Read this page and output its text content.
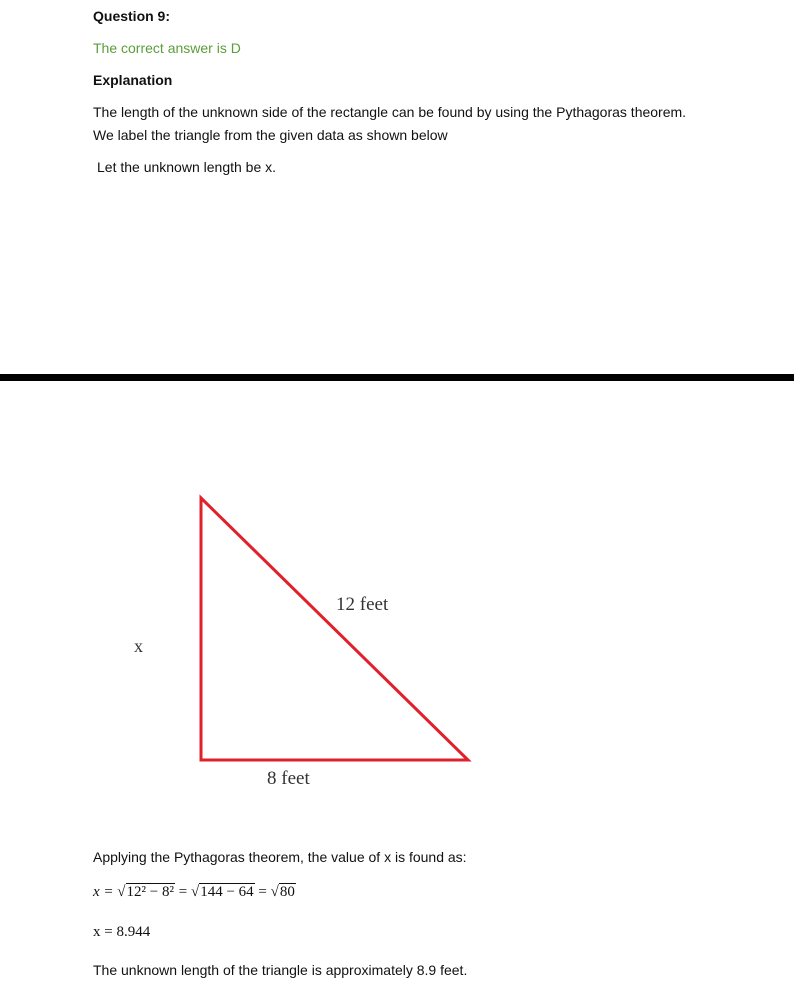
Question 9:
The correct answer is D
Explanation
The length of the unknown side of the rectangle can be found by using the Pythagoras theorem.
We label the triangle from the given data as shown below
Let the unknown length be x.
12 feet
x
8 feet
Applying the Pythagoras theorem, the value of x is found as:
x = √12² − 8² = √144 − 64 = √80
x = 8.944
The unknown length of the triangle is approximately 8.9 feet.
